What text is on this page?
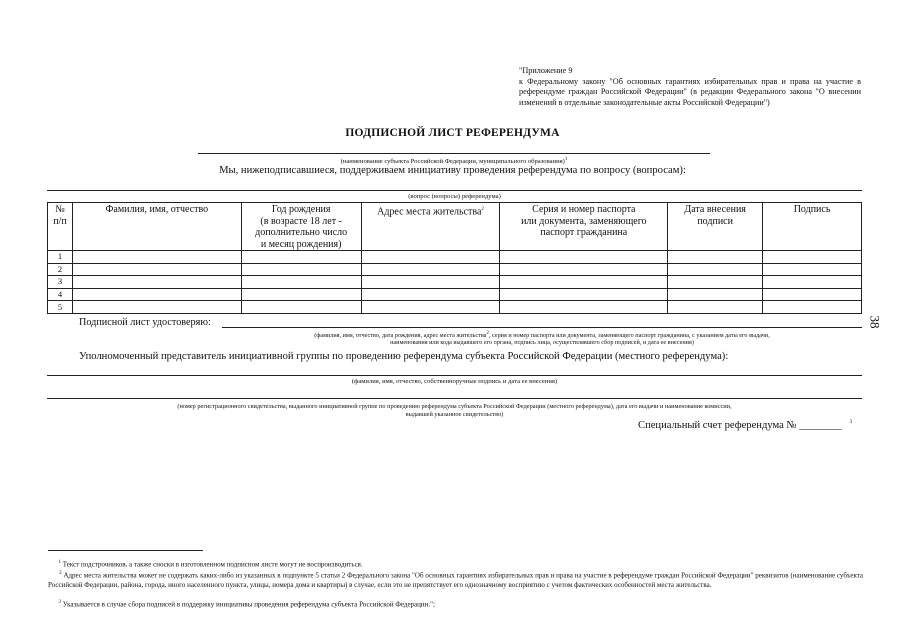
"Приложение 9
к Федеральному закону "Об основных гарантиях избирательных прав и права на участие в референдуме граждан Российской Федерации" (в редакции Федерального закона "О внесении изменений в отдельные законодательные акты Российской Федерации")
ПОДПИСНОЙ ЛИСТ РЕФЕРЕНДУМА
(наименование субъекта Российской Федерации, муниципального образования)$^1$
Мы, нижеподписавшиеся, поддерживаем инициативу проведения референдума по вопросу (вопросам):
(вопрос (вопросы) референдума)
№
п/п	Фамилия, имя, отчество	Год рождения
(в возрасте 18 лет -
дополнительно число
и месяц рождения)	Адрес места жительства$^2$	Серия и номер паспорта
или документа, заменяющего
паспорт гражданина	Дата внесения
подписи	Подпись
1						
2						
3						
4						
5						
Подписной лист удостоверяю:
(фамилия, имя, отчество, дата рождения, адрес места жительства$^2$, серия и номер паспорта или документа, заменяющего паспорт гражданина, с указанием даты его выдачи,
наименования или кода выдавшего его органа, подпись лица, осуществлявшего сбор подписей, и дата ее внесения)
Уполномоченный представитель инициативной группы по проведению референдума субъекта Российской Федерации (местного референдума):
(фамилия, имя, отчество, собственноручные подпись и дата ее внесения)
(номер регистрационного свидетельства, выданного инициативной группе по проведению референдума субъекта Российской Федерации (местного референдума), дата его выдачи и наименование комиссии,
выдавшей указанное свидетельство)
Специальный счет референдума № ________ $^3$
38
$^1$ Текст подстрочников, а также сноски в изготовленном подписном листе могут не воспроизводиться.
$^2$ Адрес места жительства может не содержать каких-либо из указанных в подпункте 5 статьи 2 Федерального закона "Об основных гарантиях избирательных прав и права на участие в референдуме граждан Российской Федерации" реквизитов (наименование субъекта Российской Федерации, района, города, иного населенного пункта, улицы, номера дома и квартиры) в случае, если это не препятствует его однозначному восприятию с учетом фактических особенностей места жительства.
$^3$ Указывается в случае сбора подписей в поддержку инициативы проведения референдума субъекта Российской Федерации.";
